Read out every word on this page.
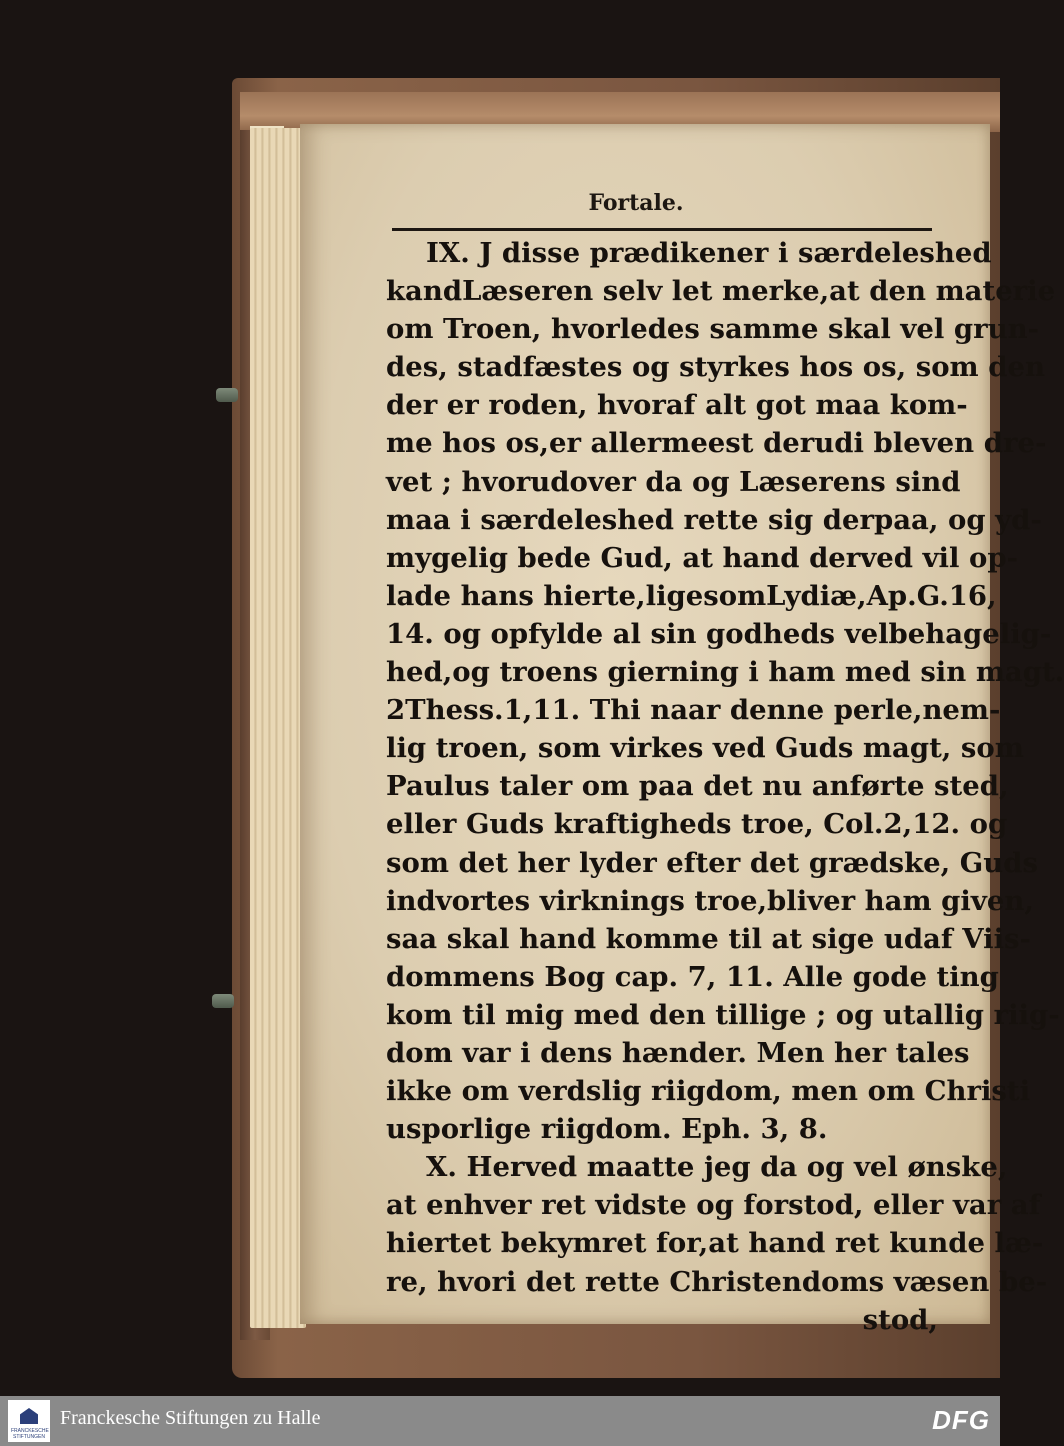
Fortale.
IX. J disse prædikener i særdeleshed
kandLæseren selv let merke,at den materie
om Troen, hvorledes samme skal vel grun-
des, stadfæstes og styrkes hos os, som den
der er roden, hvoraf alt got maa kom-
me hos os,er allermeest derudi bleven dre-
vet ; hvorudover da og Læserens sind
maa i særdeleshed rette sig derpaa, og yd-
mygelig bede Gud, at hand derved vil op-
lade hans hierte,ligesomLydiæ,Ap.G.16,
14. og opfylde al sin godheds velbehagelig-
hed,og troens gierning i ham med sin magt.
2Thess.1,11. Thi naar denne perle,nem-
lig troen, som virkes ved Guds magt, som
Paulus taler om paa det nu anførte sted,
eller Guds kraftigheds troe, Col.2,12. og
som det her lyder efter det grædske, Guds
indvortes virknings troe,bliver ham given,
saa skal hand komme til at sige udaf Viis-
dommens Bog cap. 7, 11. Alle gode ting
kom til mig med den tillige ; og utallig riig-
dom var i dens hænder. Men her tales
ikke om verdslig riigdom, men om Christi
usporlige riigdom. Eph. 3, 8.
X. Herved maatte jeg da og vel ønske,
at enhver ret vidste og forstod, eller var af
hiertet bekymret for,at hand ret kunde læ-
re, hvori det rette Christendoms væsen be-
stod,
FRANCKESCHE STIFTUNGEN
Franckesche Stiftungen zu Halle	DFG
